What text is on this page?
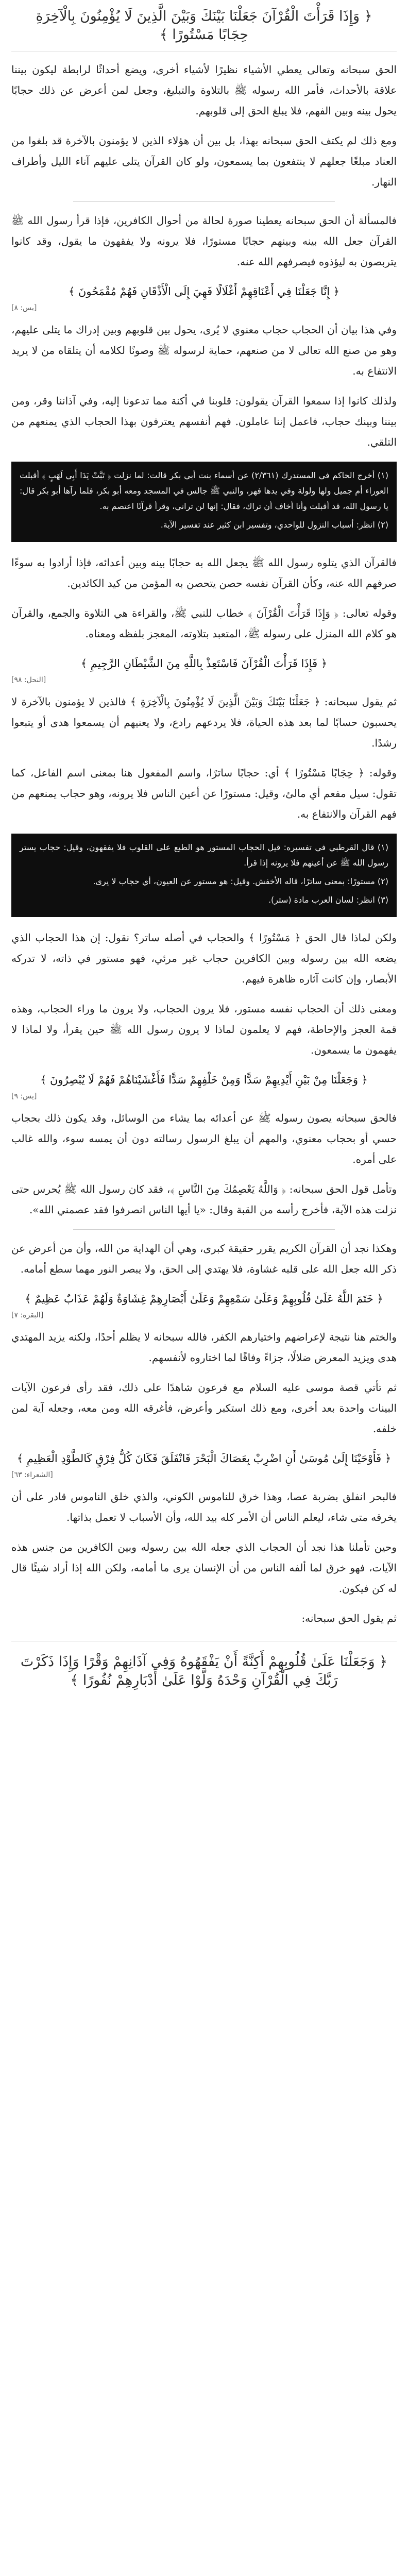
﴿ وَإِذَا قَرَأْتَ الْقُرْآنَ جَعَلْنَا بَيْنَكَ وَبَيْنَ الَّذِينَ لَا يُؤْمِنُونَ بِالْآخِرَةِ حِجَابًا مَسْتُورًا ﴾

الحق سبحانه وتعالى يعطي الأشياء نظيرًا لأشياء أخرى، ويضع أحداثًا لرابطة ليكون بيننا علاقة بالأحداث، فأمر الله رسوله ﷺ بالتلاوة والتبليغ، وجعل لمن أعرض عن ذلك حجابًا يحول بينه وبين الفهم، فلا يبلغ الحق إلى قلوبهم.

ومع ذلك لم يكتف الحق سبحانه بهذا، بل بين أن هؤلاء الذين لا يؤمنون بالآخرة قد بلغوا من العناد مبلغًا جعلهم لا ينتفعون بما يسمعون، ولو كان القرآن يتلى عليهم آناء الليل وأطراف النهار.

فالمسألة أن الحق سبحانه يعطينا صورة لحالة من أحوال الكافرين، فإذا قرأ رسول الله ﷺ القرآن جعل الله بينه وبينهم حجابًا مستورًا، فلا يرونه ولا يفقهون ما يقول، وقد كانوا يتربصون به ليؤذوه فيصرفهم الله عنه.

﴿ إِنَّا جَعَلْنَا فِي أَعْنَاقِهِمْ أَغْلَالًا فَهِيَ إِلَى الْأَذْقَانِ فَهُمْ مُقْمَحُونَ ﴾
[يس: ٨]

وفي هذا بيان أن الحجاب حجاب معنوي لا يُرى، يحول بين قلوبهم وبين إدراك ما يتلى عليهم، وهو من صنع الله تعالى لا من صنعهم، حماية لرسوله ﷺ وصونًا لكلامه أن يتلقاه من لا يريد الانتفاع به.

ولذلك كانوا إذا سمعوا القرآن يقولون: قلوبنا في أكنة مما تدعونا إليه، وفي آذاننا وقر، ومن بيننا وبينك حجاب، فاعمل إننا عاملون. فهم أنفسهم يعترفون بهذا الحجاب الذي يمنعهم من التلقي.

(١) أخرج الحاكم في المستدرك (٢/٣٦١) عن أسماء بنت أبي بكر قالت: لما نزلت ﴿ تَبَّتْ يَدَا أَبِي لَهَبٍ ﴾ أقبلت العوراء أم جميل ولها ولولة وفي يدها فهر، والنبي ﷺ جالس في المسجد ومعه أبو بكر، فلما رآها أبو بكر قال: يا رسول الله، قد أقبلت وأنا أخاف أن تراك، فقال: إنها لن تراني، وقرأ قرآنًا اعتصم به.

(٢) انظر: أسباب النزول للواحدي، وتفسير ابن كثير عند تفسير الآية.

فالقرآن الذي يتلوه رسول الله ﷺ يجعل الله به حجابًا بينه وبين أعدائه، فإذا أرادوا به سوءًا صرفهم الله عنه، وكأن القرآن نفسه حصن يتحصن به المؤمن من كيد الكائدين.

وقوله تعالى: ﴿ وَإِذَا قَرَأْتَ الْقُرْآنَ ﴾ خطاب للنبي ﷺ، والقراءة هي التلاوة والجمع، والقرآن هو كلام الله المنزل على رسوله ﷺ، المتعبد بتلاوته، المعجز بلفظه ومعناه.

﴿ فَإِذَا قَرَأْتَ الْقُرْآنَ فَاسْتَعِذْ بِاللَّهِ مِنَ الشَّيْطَانِ الرَّجِيمِ ﴾
[النحل: ٩٨]

ثم يقول سبحانه: ﴿ جَعَلْنَا بَيْنَكَ وَبَيْنَ الَّذِينَ لَا يُؤْمِنُونَ بِالْآخِرَةِ ﴾ فالذين لا يؤمنون بالآخرة لا يحسبون حسابًا لما بعد هذه الحياة، فلا يردعهم رادع، ولا يعنيهم أن يسمعوا هدى أو يتبعوا رشدًا.

وقوله: ﴿ حِجَابًا مَسْتُورًا ﴾ أي: حجابًا ساترًا، واسم المفعول هنا بمعنى اسم الفاعل، كما تقول: سيل مفعم أي مالئ، وقيل: مستورًا عن أعين الناس فلا يرونه، وهو حجاب يمنعهم من فهم القرآن والانتفاع به.

(١) قال القرطبي في تفسيره: قيل الحجاب المستور هو الطبع على القلوب فلا يفقهون، وقيل: حجاب يستر رسول الله ﷺ عن أعينهم فلا يرونه إذا قرأ.

(٢) مستورًا: بمعنى ساترًا، قاله الأخفش. وقيل: هو مستور عن العيون، أي حجاب لا يرى.

(٣) انظر: لسان العرب مادة (ستر).

ولكن لماذا قال الحق ﴿ مَسْتُورًا ﴾ والحجاب في أصله ساتر؟ نقول: إن هذا الحجاب الذي يضعه الله بين رسوله وبين الكافرين حجاب غير مرئي، فهو مستور في ذاته، لا تدركه الأبصار، وإن كانت آثاره ظاهرة فيهم.

ومعنى ذلك أن الحجاب نفسه مستور، فلا يرون الحجاب، ولا يرون ما وراء الحجاب، وهذه قمة العجز والإحاطة، فهم لا يعلمون لماذا لا يرون رسول الله ﷺ حين يقرأ، ولا لماذا لا يفهمون ما يسمعون.

﴿ وَجَعَلْنَا مِنْ بَيْنِ أَيْدِيهِمْ سَدًّا وَمِنْ خَلْفِهِمْ سَدًّا فَأَغْشَيْنَاهُمْ فَهُمْ لَا يُبْصِرُونَ ﴾
[يس: ٩]

فالحق سبحانه يصون رسوله ﷺ عن أعدائه بما يشاء من الوسائل، وقد يكون ذلك بحجاب حسي أو بحجاب معنوي، والمهم أن يبلغ الرسول رسالته دون أن يمسه سوء، والله غالب على أمره.

وتأمل قول الحق سبحانه: ﴿ وَاللَّهُ يَعْصِمُكَ مِنَ النَّاسِ ﴾، فقد كان رسول الله ﷺ يُحرس حتى نزلت هذه الآية، فأخرج رأسه من القبة وقال: «يا أيها الناس انصرفوا فقد عصمني الله».

وهكذا نجد أن القرآن الكريم يقرر حقيقة كبرى، وهي أن الهداية من الله، وأن من أعرض عن ذكر الله جعل الله على قلبه غشاوة، فلا يهتدي إلى الحق، ولا يبصر النور مهما سطع أمامه.

﴿ خَتَمَ اللَّهُ عَلَىٰ قُلُوبِهِمْ وَعَلَىٰ سَمْعِهِمْ وَعَلَىٰ أَبْصَارِهِمْ غِشَاوَةٌ وَلَهُمْ عَذَابٌ عَظِيمٌ ﴾
[البقرة: ٧]

والختم هنا نتيجة لإعراضهم واختيارهم الكفر، فالله سبحانه لا يظلم أحدًا، ولكنه يزيد المهتدي هدى ويزيد المعرض ضلالًا، جزاءً وفاقًا لما اختاروه لأنفسهم.

ثم تأتي قصة موسى عليه السلام مع فرعون شاهدًا على ذلك، فقد رأى فرعون الآيات البينات واحدة بعد أخرى، ومع ذلك استكبر وأعرض، فأغرقه الله ومن معه، وجعله آية لمن خلفه.

﴿ فَأَوْحَيْنَا إِلَىٰ مُوسَىٰ أَنِ اضْرِبْ بِعَصَاكَ الْبَحْرَ فَانْفَلَقَ فَكَانَ كُلُّ فِرْقٍ كَالطَّوْدِ الْعَظِيمِ ﴾
[الشعراء: ٦٣]

فالبحر انفلق بضربة عصا، وهذا خرق للناموس الكوني، والذي خلق الناموس قادر على أن يخرقه متى شاء، ليعلم الناس أن الأمر كله بيد الله، وأن الأسباب لا تعمل بذاتها.

وحين تأملنا هذا نجد أن الحجاب الذي جعله الله بين رسوله وبين الكافرين من جنس هذه الآيات، فهو خرق لما ألفه الناس من أن الإنسان يرى ما أمامه، ولكن الله إذا أراد شيئًا قال له كن فيكون.

ثم يقول الحق سبحانه:

﴿ وَجَعَلْنَا عَلَىٰ قُلُوبِهِمْ أَكِنَّةً أَنْ يَفْقَهُوهُ وَفِي آذَانِهِمْ وَقْرًا وَإِذَا ذَكَرْتَ رَبَّكَ فِي الْقُرْآنِ وَحْدَهُ وَلَّوْا عَلَىٰ أَدْبَارِهِمْ نُفُورًا ﴾
